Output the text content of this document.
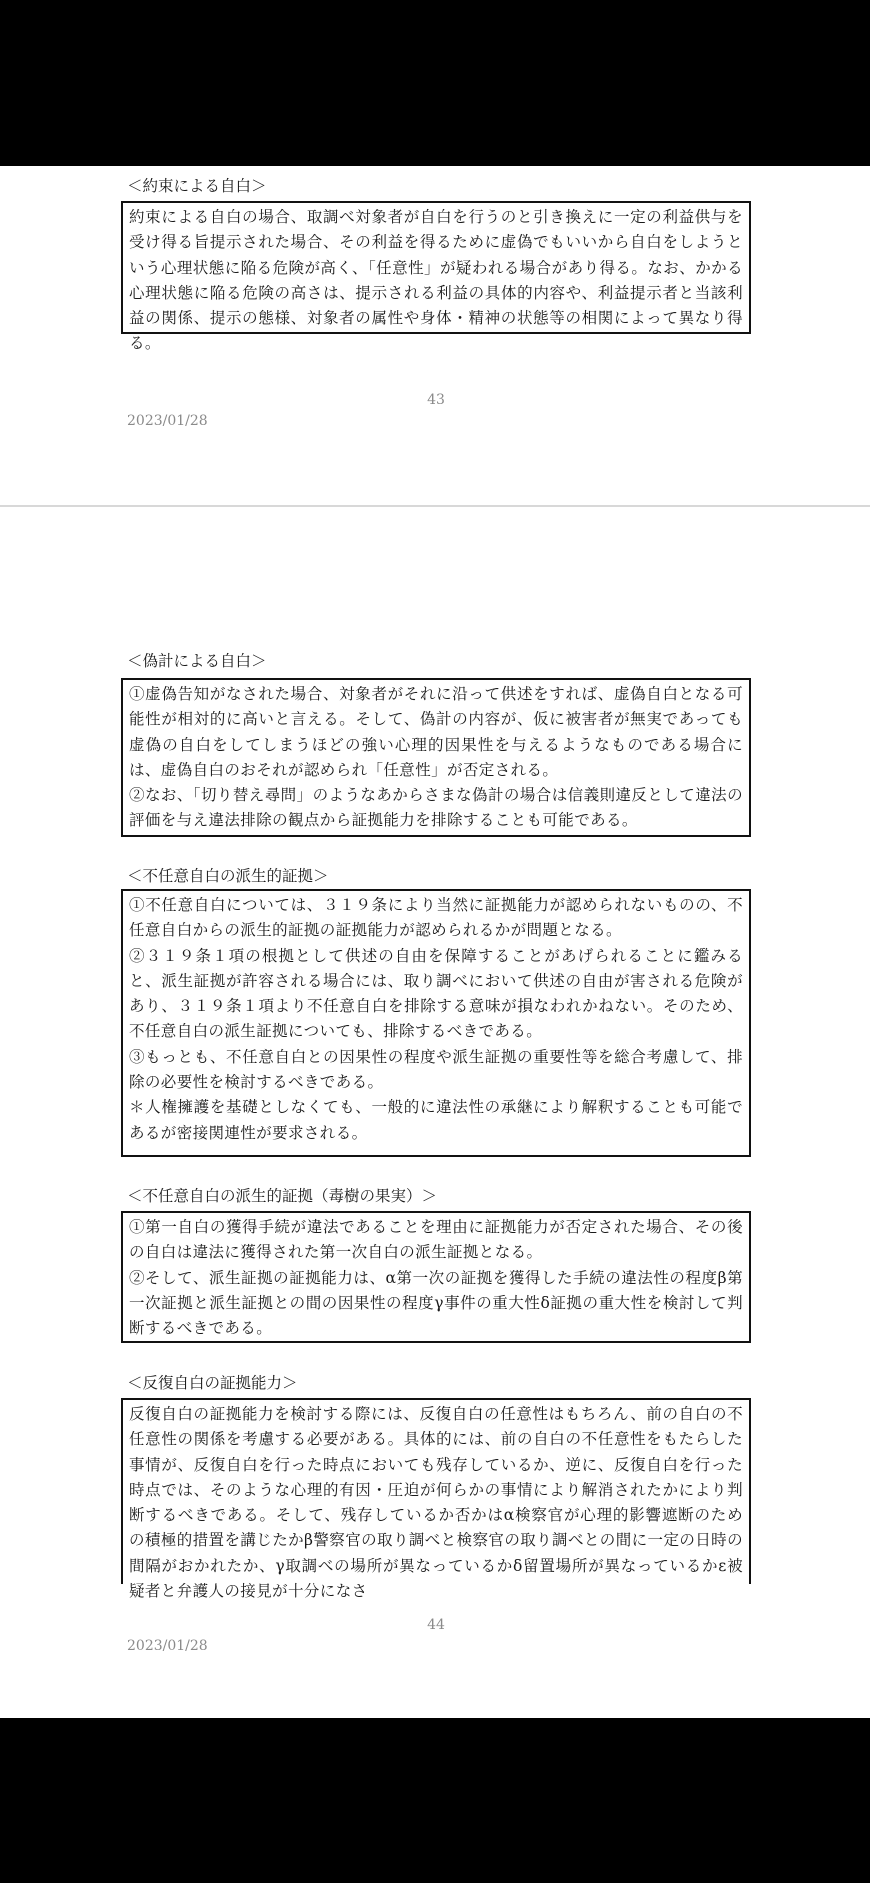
＜約束による自白＞

約束による自白の場合、取調べ対象者が自白を行うのと引き換えに一定の利益供与を受け得る旨提示された場合、その利益を得るために虚偽でもいいから自白をしようという心理状態に陥る危険が高く、「任意性」が疑われる場合があり得る。なお、かかる心理状態に陥る危険の高さは、提示される利益の具体的内容や、利益提示者と当該利益の関係、提示の態様、対象者の属性や身体・精神の状態等の相関によって異なり得る。

43
2023/01/28
＜偽計による自白＞

①虚偽告知がなされた場合、対象者がそれに沿って供述をすれば、虚偽自白となる可能性が相対的に高いと言える。そして、偽計の内容が、仮に被害者が無実であっても虚偽の自白をしてしまうほどの強い心理的因果性を与えるようなものである場合には、虚偽自白のおそれが認められ「任意性」が否定される。

②なお、「切り替え尋問」のようなあからさまな偽計の場合は信義則違反として違法の評価を与え違法排除の観点から証拠能力を排除することも可能である。

＜不任意自白の派生的証拠＞

①不任意自白については、３１９条により当然に証拠能力が認められないものの、不任意自白からの派生的証拠の証拠能力が認められるかが問題となる。

②３１９条１項の根拠として供述の自由を保障することがあげられることに鑑みると、派生証拠が許容される場合には、取り調べにおいて供述の自由が害される危険があり、３１９条１項より不任意自白を排除する意味が損なわれかねない。そのため、不任意自白の派生証拠についても、排除するべきである。

③もっとも、不任意自白との因果性の程度や派生証拠の重要性等を総合考慮して、排除の必要性を検討するべきである。

＊人権擁護を基礎としなくても、一般的に違法性の承継により解釈することも可能であるが密接関連性が要求される。

＜不任意自白の派生的証拠（毒樹の果実）＞

①第一自白の獲得手続が違法であることを理由に証拠能力が否定された場合、その後の自白は違法に獲得された第一次自白の派生証拠となる。

②そして、派生証拠の証拠能力は、α第一次の証拠を獲得した手続の違法性の程度β第一次証拠と派生証拠との間の因果性の程度γ事件の重大性δ証拠の重大性を検討して判断するべきである。

＜反復自白の証拠能力＞

反復自白の証拠能力を検討する際には、反復自白の任意性はもちろん、前の自白の不任意性の関係を考慮する必要がある。具体的には、前の自白の不任意性をもたらした事情が、反復自白を行った時点においても残存しているか、逆に、反復自白を行った時点では、そのような心理的有因・圧迫が何らかの事情により解消されたかにより判断するべきである。そして、残存しているか否かはα検察官が心理的影響遮断のための積極的措置を講じたかβ警察官の取り調べと検察官の取り調べとの間に一定の日時の間隔がおかれたか、γ取調べの場所が異なっているかδ留置場所が異なっているかε被疑者と弁護人の接見が十分になさ

44
2023/01/28
